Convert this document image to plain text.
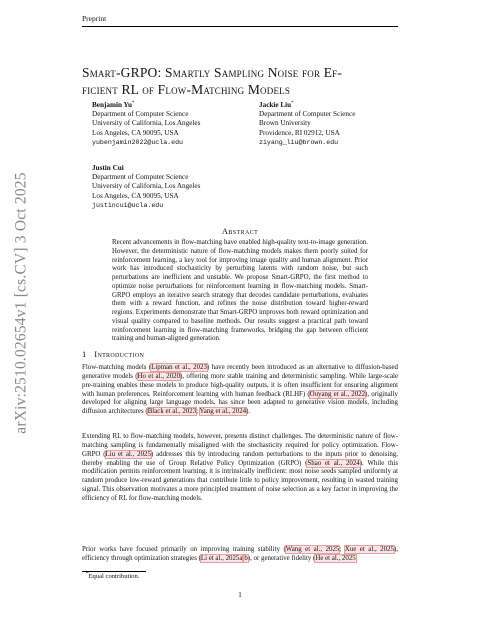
Preprint
arXiv:2510.02654v1 [cs.CV] 3 Oct 2025
Smart-GRPO: Smartly Sampling Noise for Ef-
ficient RL of Flow-Matching Models
Benjamin Yu*
Department of Computer Science
University of California, Los Angeles
Los Angeles, CA 90095, USA
yubenjamin2022@ucla.edu
Jackie Liu*
Department of Computer Science
Brown University
Providence, RI 02912, USA
ziyang_liu@brown.edu
Justin Cui
Department of Computer Science
University of California, Los Angeles
Los Angeles, CA 90095, USA
justincui@ucla.edu
Abstract
Recent advancements in flow-matching have enabled high-quality text-to-image generation. However, the deterministic nature of flow-matching models makes them poorly suited for reinforcement learning, a key tool for improving image quality and human alignment. Prior work has introduced stochasticity by perturbing latents with random noise, but such perturbations are inefficient and unstable. We propose Smart-GRPO, the first method to optimize noise perturbations for reinforcement learning in flow-matching models. Smart-GRPO employs an iterative search strategy that decodes candidate perturbations, evaluates them with a reward function, and refines the noise distribution toward higher-reward regions. Experiments demonstrate that Smart-GRPO improves both reward optimization and visual quality compared to baseline methods. Our results suggest a practical path toward reinforcement learning in flow-matching frameworks, bridging the gap between efficient training and human-aligned generation.
1 Introduction
Flow-matching models (Lipman et al., 2023) have recently been introduced as an alternative to diffusion-based generative models (Ho et al., 2020), offering more stable training and deterministic sampling. While large-scale pre-training enables these models to produce high-quality outputs, it is often insufficient for ensuring alignment with human preferences. Reinforcement learning with human feedback (RLHF) (Ouyang et al., 2022), originally developed for aligning large language models, has since been adapted to generative vision models, including diffusion architectures (Black et al., 2023; Yang et al., 2024).
Extending RL to flow-matching models, however, presents distinct challenges. The deterministic nature of flow-matching sampling is fundamentally misaligned with the stochasticity required for policy optimization. Flow-GRPO (Liu et al., 2025) addresses this by introducing random perturbations to the inputs prior to denoising, thereby enabling the use of Group Relative Policy Optimization (GRPO) (Shao et al., 2024). While this modification permits reinforcement learning, it is intrinsically inefficient: most noise seeds sampled uniformly at random produce low-reward generations that contribute little to policy improvement, resulting in wasted training signal. This observation motivates a more principled treatment of noise selection as a key factor in improving the efficiency of RL for flow-matching models.
Prior works have focused primarily on improving training stability (Wang et al., 2025; Xue et al., 2025), efficiency through optimization strategies (Li et al., 2025a b), or generative fidelity (He et al., 2025;
*Equal contribution.
1
